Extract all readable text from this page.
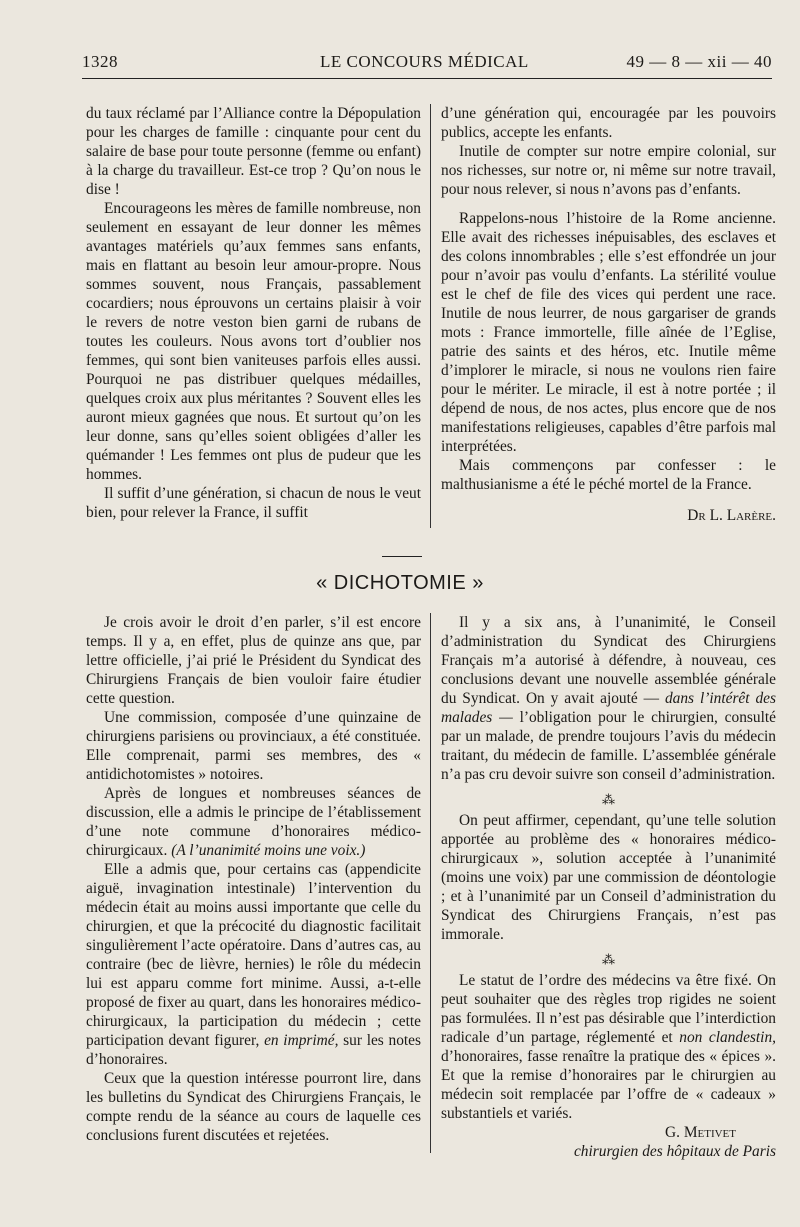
1328	LE CONCOURS MÉDICAL	49 — 8 — xii — 40

du taux réclamé par l’Alliance contre la Dépopulation pour les charges de famille : cinquante pour cent du salaire de base pour toute personne (femme ou enfant) à la charge du travailleur. Est-ce trop ? Qu’on nous le dise !

Encourageons les mères de famille nombreuse, non seulement en essayant de leur donner les mêmes avantages matériels qu’aux femmes sans enfants, mais en flattant au besoin leur amour-propre. Nous sommes souvent, nous Français, passablement cocardiers; nous éprouvons un certains plaisir à voir le revers de notre veston bien garni de rubans de toutes les couleurs. Nous avons tort d’oublier nos femmes, qui sont bien vaniteuses parfois elles aussi. Pourquoi ne pas distribuer quelques médailles, quelques croix aux plus méritantes ? Souvent elles les auront mieux gagnées que nous. Et surtout qu’on les leur donne, sans qu’elles soient obligées d’aller les quémander ! Les femmes ont plus de pudeur que les hommes.

Il suffit d’une génération, si chacun de nous le veut bien, pour relever la France, il suffit

d’une génération qui, encouragée par les pouvoirs publics, accepte les enfants.

Inutile de compter sur notre empire colonial, sur nos richesses, sur notre or, ni même sur notre travail, pour nous relever, si nous n’avons pas d’enfants.

Rappelons-nous l’histoire de la Rome ancienne. Elle avait des richesses inépuisables, des esclaves et des colons innombrables ; elle s’est effondrée un jour pour n’avoir pas voulu d’enfants. La stérilité voulue est le chef de file des vices qui perdent une race. Inutile de nous leurrer, de nous gargariser de grands mots : France immortelle, fille aînée de l’Eglise, patrie des saints et des héros, etc. Inutile même d’implorer le miracle, si nous ne voulons rien faire pour le mériter. Le miracle, il est à notre portée ; il dépend de nous, de nos actes, plus encore que de nos manifestations religieuses, capables d’être parfois mal interprétées.

Mais commençons par confesser : le malthusianisme a été le péché mortel de la France.

Dr L. Larère.
« DICHOTOMIE »

Je crois avoir le droit d’en parler, s’il est encore temps. Il y a, en effet, plus de quinze ans que, par lettre officielle, j’ai prié le Président du Syndicat des Chirurgiens Français de bien vouloir faire étudier cette question.

Une commission, composée d’une quinzaine de chirurgiens parisiens ou provinciaux, a été constituée. Elle comprenait, parmi ses membres, des « antidichotomistes » notoires.

Après de longues et nombreuses séances de discussion, elle a admis le principe de l’établissement d’une note commune d’honoraires médico-chirurgicaux. (A l’unanimité moins une voix.)

Elle a admis que, pour certains cas (appendicite aiguë, invagination intestinale) l’intervention du médecin était au moins aussi importante que celle du chirurgien, et que la précocité du diagnostic facilitait singulièrement l’acte opératoire. Dans d’autres cas, au contraire (bec de lièvre, hernies) le rôle du médecin lui est apparu comme fort minime. Aussi, a-t-elle proposé de fixer au quart, dans les honoraires médico-chirurgicaux, la participation du médecin ; cette participation devant figurer, en imprimé, sur les notes d’honoraires.

Ceux que la question intéresse pourront lire, dans les bulletins du Syndicat des Chirurgiens Français, le compte rendu de la séance au cours de laquelle ces conclusions furent discutées et rejetées.

Il y a six ans, à l’unanimité, le Conseil d’administration du Syndicat des Chirurgiens Français m’a autorisé à défendre, à nouveau, ces conclusions devant une nouvelle assemblée générale du Syndicat. On y avait ajouté — dans l’intérêt des malades — l’obligation pour le chirurgien, consulté par un malade, de prendre toujours l’avis du médecin traitant, du médecin de famille. L’assemblée générale n’a pas cru devoir suivre son conseil d’administration.

⁂

On peut affirmer, cependant, qu’une telle solution apportée au problème des « honoraires médico-chirurgicaux », solution acceptée à l’unanimité (moins une voix) par une commission de déontologie ; et à l’unanimité par un Conseil d’administration du Syndicat des Chirurgiens Français, n’est pas immorale.

⁂

Le statut de l’ordre des médecins va être fixé. On peut souhaiter que des règles trop rigides ne soient pas formulées. Il n’est pas désirable que l’interdiction radicale d’un partage, réglementé et non clandestin, d’honoraires, fasse renaître la pratique des « épices ». Et que la remise d’honoraires par le chirurgien au médecin soit remplacée par l’offre de « cadeaux » substantiels et variés.

G. Metivet
chirurgien des hôpitaux de Paris
